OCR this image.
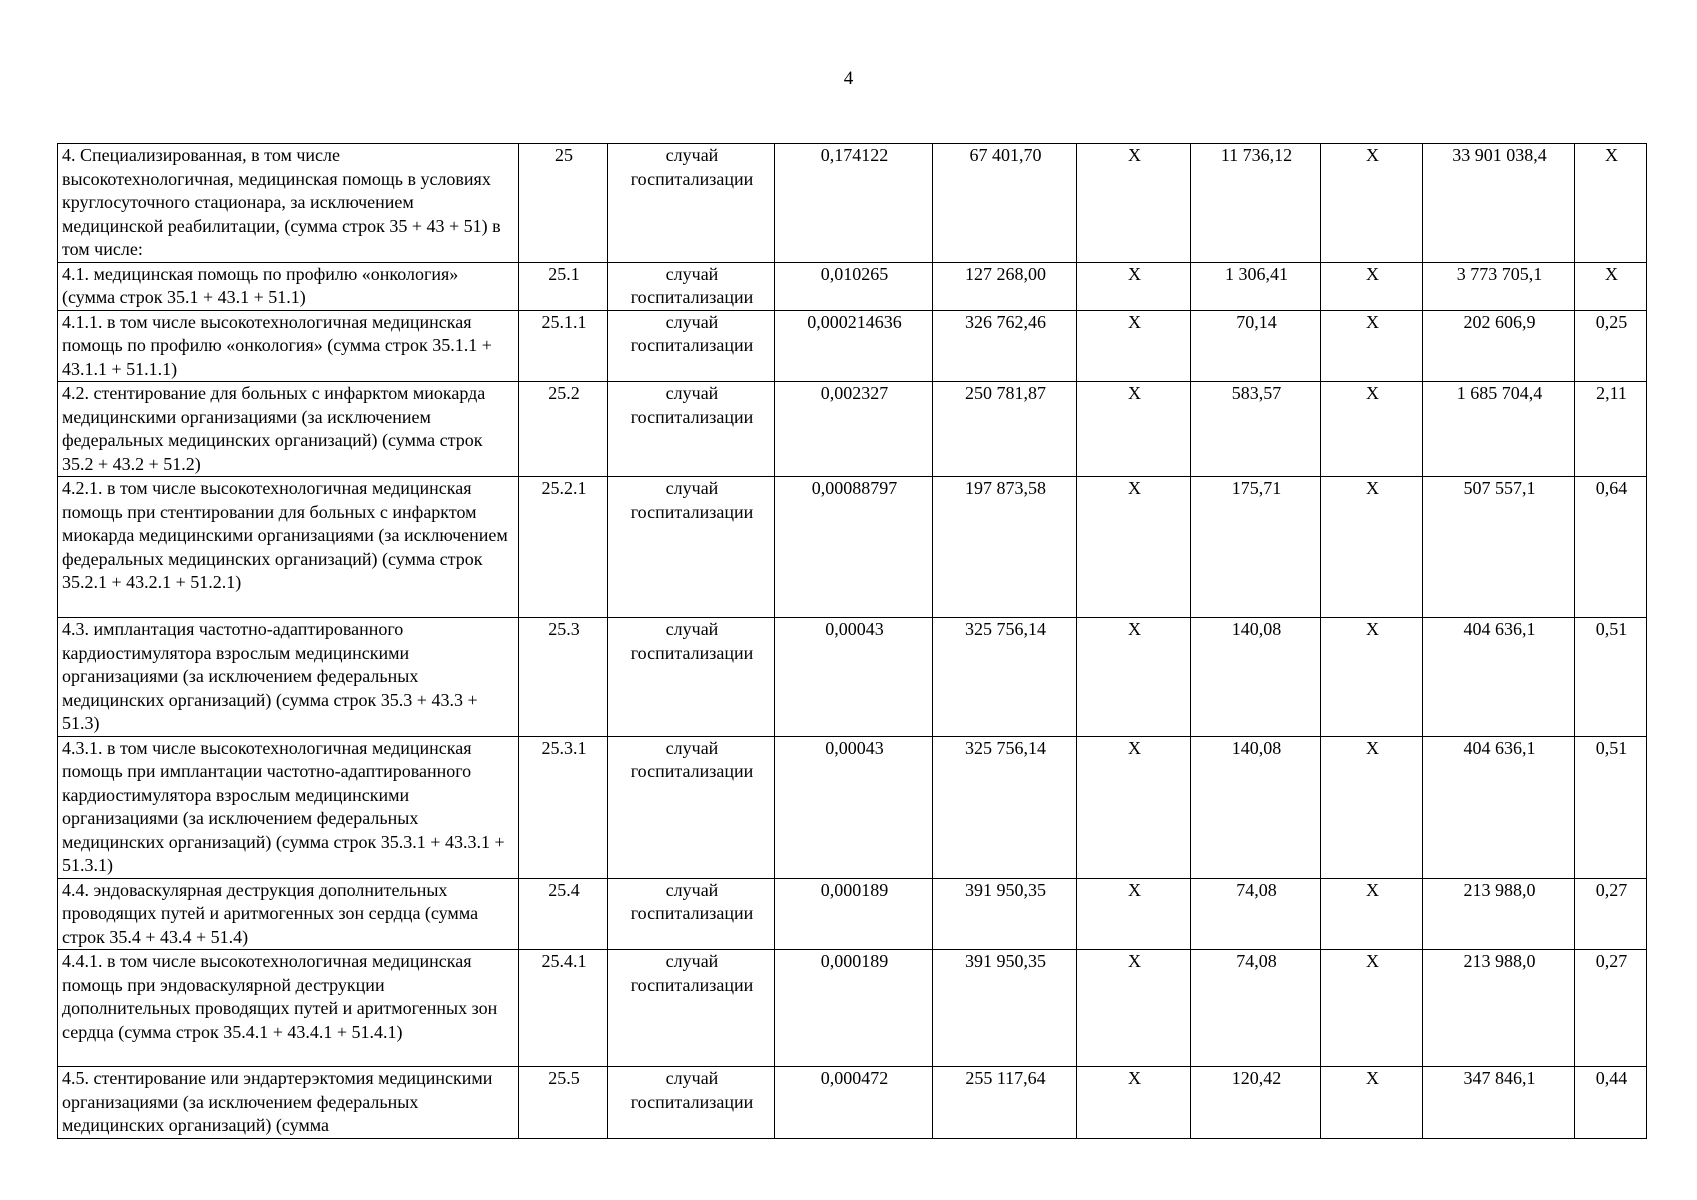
4
4. Специализированная, в том числе высокотехнологичная, медицинская помощь в условиях круглосуточного стационара, за исключением медицинской реабилитации, (сумма строк 35 + 43 + 51) в том числе:	25	случай госпитализации	0,174122	67 401,70	X	11 736,12	X	33 901 038,4	X
4.1. медицинская помощь по профилю «онкология» (сумма строк 35.1 + 43.1 + 51.1)	25.1	случай госпитализации	0,010265	127 268,00	X	1 306,41	X	3 773 705,1	X
4.1.1. в том числе высокотехнологичная медицинская помощь по профилю «онкология» (сумма строк 35.1.1 + 43.1.1 + 51.1.1)	25.1.1	случай госпитализации	0,000214636	326 762,46	X	70,14	X	202 606,9	0,25
4.2. стентирование для больных с инфарктом миокарда медицинскими организациями (за исключением федеральных медицинских организаций) (сумма строк 35.2 + 43.2 + 51.2)	25.2	случай госпитализации	0,002327	250 781,87	X	583,57	X	1 685 704,4	2,11
4.2.1. в том числе высокотехнологичная медицинская помощь при стентировании для больных с инфарктом миокарда медицинскими организациями (за исключением федеральных медицинских организаций) (сумма строк 35.2.1 + 43.2.1 + 51.2.1)	25.2.1	случай госпитализации	0,00088797	197 873,58	X	175,71	X	507 557,1	0,64
4.3. имплантация частотно-адаптированного кардиостимулятора взрослым медицинскими организациями (за исключением федеральных медицинских организаций) (сумма строк 35.3 + 43.3 + 51.3)	25.3	случай госпитализации	0,00043	325 756,14	X	140,08	X	404 636,1	0,51
4.3.1. в том числе высокотехнологичная медицинская помощь при имплантации частотно-адаптированного кардиостимулятора взрослым медицинскими организациями (за исключением федеральных медицинских организаций) (сумма строк 35.3.1 + 43.3.1 + 51.3.1)	25.3.1	случай госпитализации	0,00043	325 756,14	X	140,08	X	404 636,1	0,51
4.4. эндоваскулярная деструкция дополнительных проводящих путей и аритмогенных зон сердца (сумма строк 35.4 + 43.4 + 51.4)	25.4	случай госпитализации	0,000189	391 950,35	X	74,08	X	213 988,0	0,27
4.4.1. в том числе высокотехнологичная медицинская помощь при эндоваскулярной деструкции дополнительных проводящих путей и аритмогенных зон сердца (сумма строк 35.4.1 + 43.4.1 + 51.4.1)	25.4.1	случай госпитализации	0,000189	391 950,35	X	74,08	X	213 988,0	0,27
4.5. стентирование или эндартерэктомия медицинскими организациями (за исключением федеральных медицинских организаций) (сумма	25.5	случай госпитализации	0,000472	255 117,64	X	120,42	X	347 846,1	0,44
